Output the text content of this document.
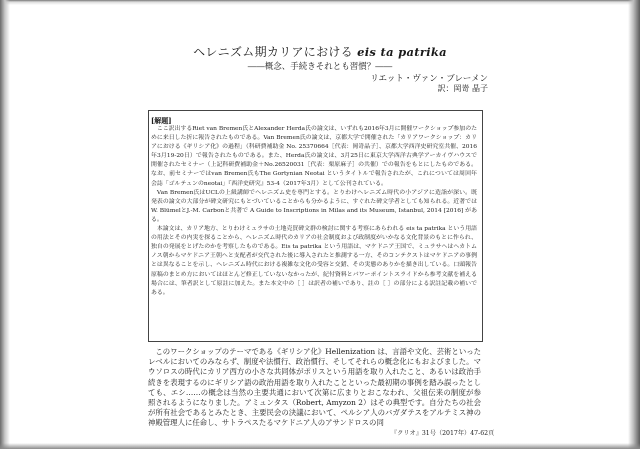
ヘレニズム期カリアにおける eis ta patrika
――概念、手続きそれとも習慣？――
リエット・ヴァン・ブレーメン
訳：岡嵜 晶子
[解題]

ここ訳出するRiet van Bremen氏とAlexander Herda氏の論文は、いずれも2016年3月に開催ワークショップ参加のために来日した折に報告されたものである。Van Bremen氏の論文は、京都大学で開催された「カリアワークショップ：カリアにおける《ギリシア化》の過程」（科研費補助金 No. 25370664［代表：岡嵜晶子］、京都大学西洋史研究室共催、2016年3月19-20日）で報告されたものである。また、Herda氏の論文は、3月25日に東京大学西洋古典学アーカイヴハウスで開催されたセミナー（上記科研費補助金＋No.26520031［代表：栗原麻子］の共催）での報告をもとにしたものである。なお、前セミナーではvan Bremen氏もThe Gortynian Neotai というタイトルで報告されたが、これについては周回年会誌「ゴルテュンのneotai」『西洋史研究』53-4（2017年3月）として公刊されている。

Van Bremen氏はUCLの上級講師でヘレニズム史を専門とする。とりわけヘレニズム時代の小アジアに造詣が深い。既発表の論文の大部分が碑文研究にもとづいていることからも分かるように、すぐれた碑文学者としても知られる。近著ではW. BlümelとJ.-M. Carbonと共著で A Guide to Inscriptions in Milas and its Museum, Istanbul, 2014 [2016] がある。

本論文は、カリア地方、とりわけミュラサの土地売買碑文群の検討に関する考察にあらわれる eis ta patrika という用語の用法とその内実を探ることから、ヘレニズム時代のカリアの社会制度および政制度がいかなる文化背景のもとに作られ、独自の発展をとげたのかを考察したものである。Eis ta patrika という用語は、マケドニア王国で、ミュラサへはヘカトムノス朝からマケドニア王朝へと支配者が交代された後に導入されたと推測する一方、そのコンテクストはマケドニアの事例とは異なることを示し、ヘレニズム時代における複雑な文化の受容と交錯、その実態のありかを描き出している。口頭報告原稿のまとめ方においてはほとんど修正していないなかったが、紀付資料とパワーポイントスライドから参考文献を補える場合には、筆者訳として原註に加えた。また本文中の［ ］は訳者の補いであり、註の［ ］の部分による訳註記載の補いである。

このワークショップのテーマである《ギリシア化》Hellenization は、言語や文化、芸術といったレベルにおいてのみならず、制度や法慣行、政治慣行、そしてそれらの概念化にもおよびました。マウソロスの時代にカリア西方の小さな共同体がポリスという用語を取り入れたこと、あるいは政治手続きを表現するのにギリシア語の政治用語を取り入れたことといった最初期の事例を踏み誤ったとしても、エシ……の概念は当然の主要共通において次第に広まりとおこなわれ、父祖伝来の制度が参照されるようになりました。アミュンタス（Robert, Amyzon 2）はその典型です。自分たちの社会が所有社会であるとみたとき、主要民会の決議において、ペルシア人のバガダテスをアルテミス神の神殿管理人に任命し、サトラペスたるマケドニア人のアサンドロスの同

『クリオ』31号（2017年）47-62頁
